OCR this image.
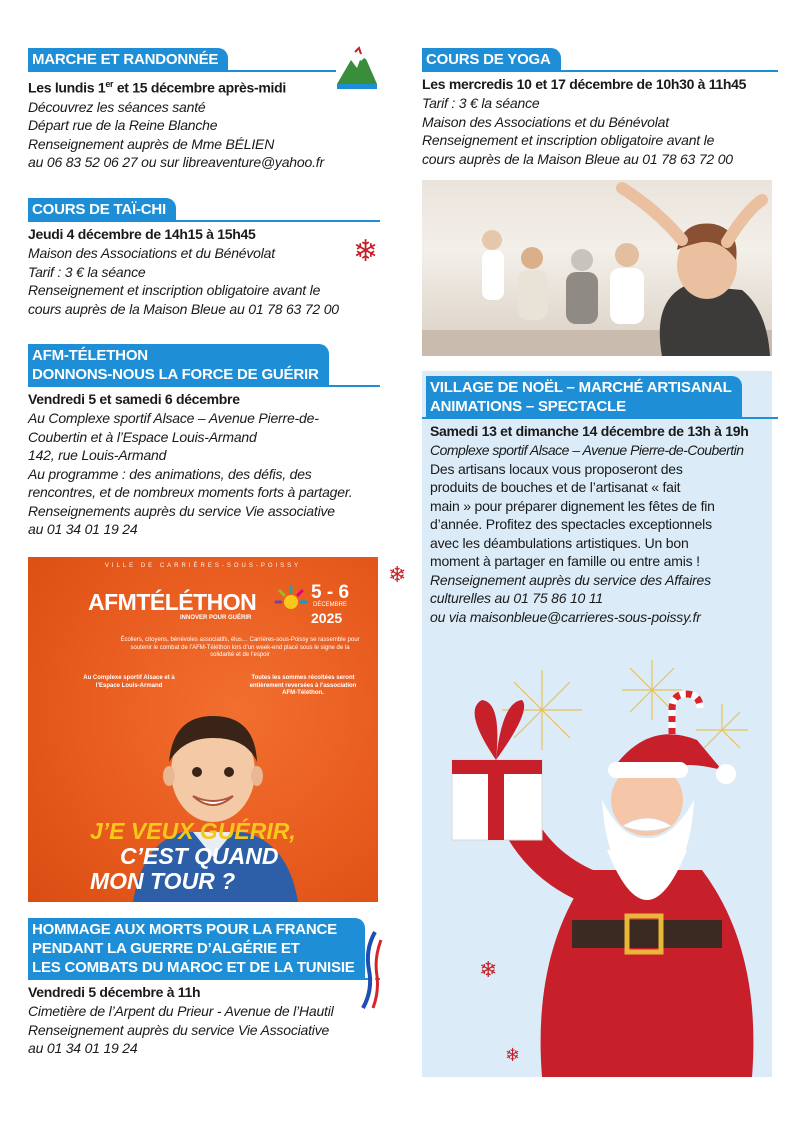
MARCHE ET RANDONNÉE
Les lundis 1er et 15 décembre après-midi
Découvrez les séances santé
Départ rue de la Reine Blanche
Renseignement auprès de Mme BÉLIEN
au 06 83 52 06 27 ou sur libreaventure@yahoo.fr
COURS DE TAÏ-CHI
Jeudi 4 décembre de 14h15 à 15h45
Maison des Associations et du Bénévolat
Tarif : 3 € la séance
Renseignement et inscription obligatoire avant le
cours auprès de la Maison Bleue au 01 78 63 72 00
❄
AFM-TÉLETHON
DONNONS-NOUS LA FORCE DE GUÉRIR
Vendredi 5 et samedi 6 décembre
Au Complexe sportif Alsace – Avenue Pierre-de-
Coubertin et à l’Espace Louis-Armand
142, rue Louis-Armand
Au programme : des animations, des défis, des
rencontres, et de nombreux moments forts à partager.
Renseignements auprès du service Vie associative
au 01 34 01 19 24
VILLE DE CARRIÈRES-SOUS-POISSY
AFMTÉLÉTHON
INNOVER POUR GUÉRIR
5 - 6
DÉCEMBRE
2025
Écoliers, citoyens, bénévoles associatifs, élus… Carrières-sous-Poissy se rassemble pour soutenir le combat de l’AFM-Téléthon lors d’un week-end placé sous le signe de la solidarité et de l’espoir
Au Complexe sportif Alsace et à l’Espace Louis-Armand
Toutes les sommes récoltées seront entièrement reversées à l’association AFM-Téléthon.
J’E VEUX GUÉRIR,
C’EST QUAND
MON TOUR ?
❄
HOMMAGE AUX MORTS POUR LA FRANCE
PENDANT LA GUERRE D’ALGÉRIE ET
LES COMBATS DU MAROC ET DE LA TUNISIE
Vendredi 5 décembre à 11h
Cimetière de l’Arpent du Prieur - Avenue de l’Hautil
Renseignement auprès du service Vie Associative
au 01 34 01 19 24
COURS DE YOGA
Les mercredis 10 et 17 décembre de 10h30 à 11h45
Tarif : 3 € la séance
Maison des Associations et du Bénévolat
Renseignement et inscription obligatoire avant le
cours auprès de la Maison Bleue au 01 78 63 72 00
VILLAGE DE NOËL – MARCHÉ ARTISANAL
ANIMATIONS – SPECTACLE
Samedi 13 et dimanche 14 décembre de 13h à 19h
Complexe sportif Alsace – Avenue Pierre-de-Coubertin
Des artisans locaux vous proposeront des
produits de bouches et de l’artisanat « fait
main » pour préparer dignement les fêtes de fin
d’année. Profitez des spectacles exceptionnels
avec les déambulations artistiques. Un bon
moment à partager en famille ou entre amis !
Renseignement auprès du service des Affaires
culturelles au 01 75 86 10 11
ou via maisonbleue@carrieres-sous-poissy.fr
❄
❄
